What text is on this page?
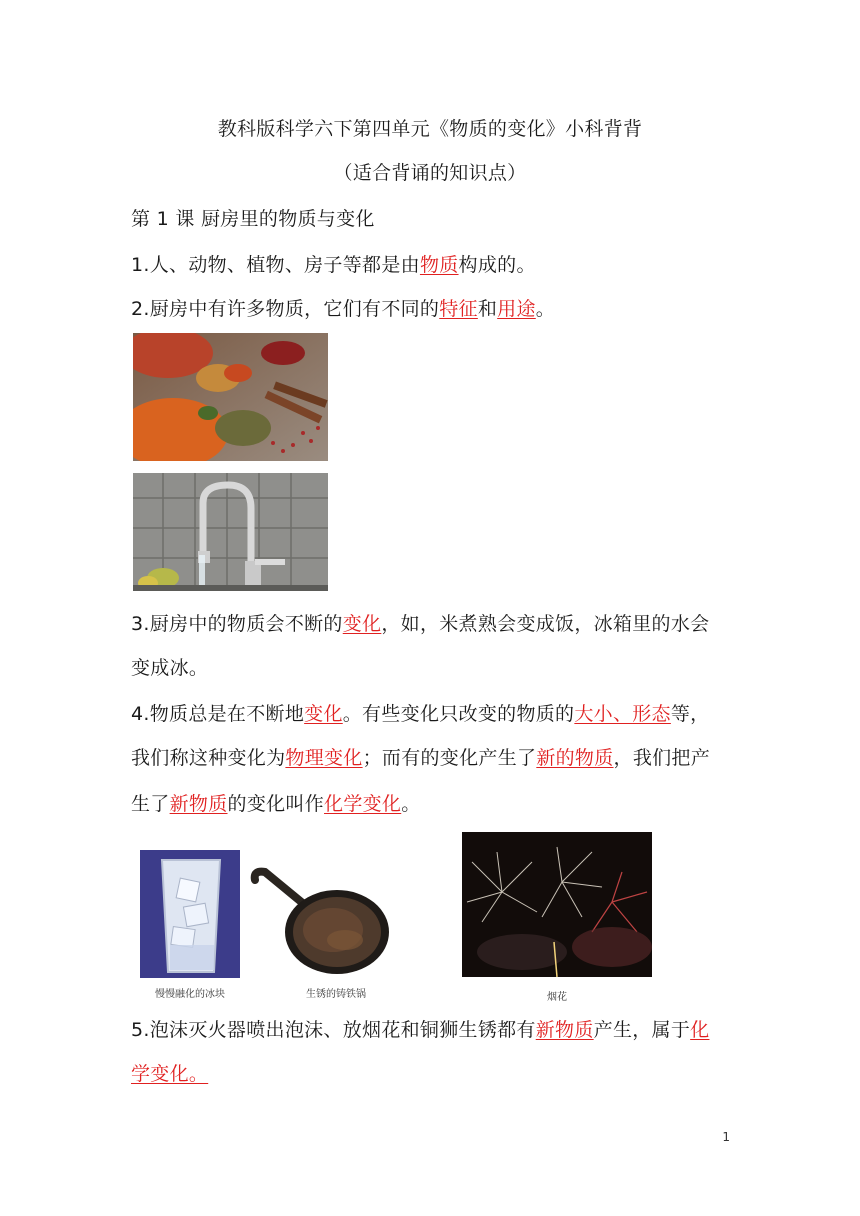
教科版科学六下第四单元《物质的变化》小科背背
（适合背诵的知识点）
第 1 课 厨房里的物质与变化
1.人、动物、植物、房子等都是由物质构成的。
2.厨房中有许多物质，它们有不同的特征和用途。
3.厨房中的物质会不断的变化，如，米煮熟会变成饭，冰箱里的水会
变成冰。
4.物质总是在不断地变化。有些变化只改变的物质的大小、形态等，
我们称这种变化为物理变化；而有的变化产生了新的物质，我们把产
生了新物质的变化叫作化学变化。
慢慢融化的冰块	生锈的铸铁锅	烟花
5.泡沫灭火器喷出泡沫、放烟花和铜狮生锈都有新物质产生，属于化
学变化。
1
